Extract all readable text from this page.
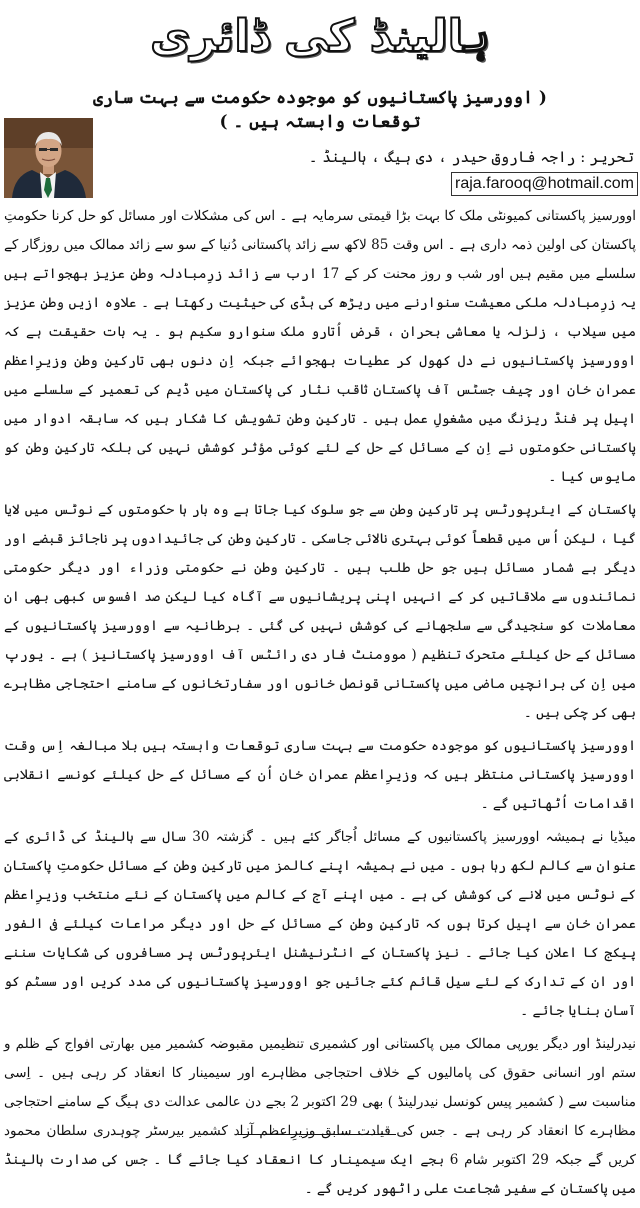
ہالینڈ کی ڈائری
( اوورسیز پاکستانیوں کو موجودہ حکومت سے بہت ساری توقعات وابستہ ہیں ۔ )
تحریر : راجہ فاروق حیدر ، دی ہیگ ، ہالینڈ ۔
raja.farooq@hotmail.com

اوورسیز پاکستانی کمیونٹی ملک کا بہت بڑا قیمتی سرمایہ ہے ۔ اس کی مشکلات اور مسائل کو حل کرنا حکومتِ پاکستان کی اولین ذمہ داری ہے ۔ اس وقت 85 لاکھ سے زائد پاکستانی دُنیا کے سو سے زائد ممالک میں روزگار کے سلسلے میں مقیم ہیں اور شب و روز محنت کر کے 17 ارب سے زائد زرِمبادلہ وطنِ عزیز بھجواتے ہیں یہ زرِمبادلہ ملکی معیشت سنوارنے میں ریڑھ کی ہڈی کی حیثیت رکھتا ہے ۔ علاوہ ازیں وطنِ عزیز میں سیلاب ، زلزلہ یا معاشی بحران ، قرض اُتارو ملک سنوارو سکیم ہو ۔ یہ بات حقیقت ہے کہ اوورسیز پاکستانیوں نے دل کھول کر عطیات بھجوائے جبکہ اِن دنوں بھی تارکینِ وطن وزیرِاعظم عمران خان اور چیف جسٹس آف پاکستان ثاقب نثار کی پاکستان میں ڈیم کی تعمیر کے سلسلے میں اپیل پر فنڈ ریزنگ میں مشغولِ عمل ہیں ۔ تارکینِ وطن تشویش کا شکار ہیں کہ سابقہ ادوار میں پاکستانی حکومتوں نے اِن کے مسائل کے حل کے لئے کوئی مؤثر کوشش نہیں کی بلکہ تارکینِ وطن کو مایوس کیا ۔

پاکستان کے ایئرپورٹس پر تارکینِ وطن سے جو سلوک کیا جاتا ہے وہ بار ہا حکومتوں کے نوٹس میں لایا گیا ، لیکن اُس میں قطعاً کوئی بہتری نالائی جاسکی ۔ تارکینِ وطن کی جائیدادوں پر ناجائز قبضے اور دیگر بے شمار مسائل ہیں جو حل طلب ہیں ۔ تارکینِ وطن نے حکومتی وزراء اور دیگر حکومتی نمائندوں سے ملاقاتیں کر کے انہیں اپنی پریشانیوں سے آگاہ کیا لیکن صد افسوس کبھی بھی ان معاملات کو سنجیدگی سے سلجھانے کی کوشش نہیں کی گئی ۔ برطانیہ سے اوورسیز پاکستانیوں کے مسائل کے حل کیلئے متحرک تنظیم ( موومنٹ فار دی رائٹس آف اوورسیز پاکستانیز ) ہے ۔ یورپ میں اِن کی برانچیں ماضی میں پاکستانی قونصل خانوں اور سفارتخانوں کے سامنے احتجاجی مظاہرے بھی کر چکی ہیں ۔

اوورسیز پاکستانیوں کو موجودہ حکومت سے بہت ساری توقعات وابستہ ہیں بلا مبالغہ اِس وقت اوورسیز پاکستانی منتظر ہیں کہ وزیرِاعظم عمران خان اُن کے مسائل کے حل کیلئے کونسے انقلابی اقدامات اُٹھاتیں گے ۔

میڈیا نے ہمیشہ اوورسیز پاکستانیوں کے مسائل اُجاگر کئے ہیں ۔ گزشتہ 30 سال سے ہالینڈ کی ڈائری کے عنوان سے کالم لکھ رہا ہوں ۔ میں نے ہمیشہ اپنے کالمز میں تارکینِ وطن کے مسائل حکومتِ پاکستان کے نوٹس میں لانے کی کوشش کی ہے ۔ میں اپنے آج کے کالم میں پاکستان کے نئے منتخب وزیرِاعظم عمران خان سے اپیل کرتا ہوں کہ تارکینِ وطن کے مسائل کے حل اور دیگر مراعات کیلئے فی الفور پیکج کا اعلان کیا جائے ۔ نیز پاکستان کے انٹرنیشنل ایئرپورٹس پر مسافروں کی شکایات سننے اور ان کے تدارک کے لئے سیل قائم کئے جائیں جو اوورسیز پاکستانیوں کی مدد کریں اور سسٹم کو آسان بنایا جائے ۔

نیدرلینڈ اور دیگر یورپی ممالک میں پاکستانی اور کشمیری تنظیمیں مقبوضہ کشمیر میں بھارتی افواج کے ظلم و ستم اور انسانی حقوق کی پامالیوں کے خلاف احتجاجی مظاہرے اور سیمینار کا انعقاد کر رہی ہیں ۔ اِسی مناسبت سے ( کشمیر پیس کونسل نیدرلینڈ ) بھی 29 اکتوبر 2 بجے دن عالمی عدالت دی ہیگ کے سامنے احتجاجی مظاہرے کا انعقاد کر رہی ہے ۔ جس کی قیادت سابق وزیرِاعظم آزاد کشمیر بیرسٹر چوہدری سلطان محمود کریں گے جبکہ 29 اکتوبر شام 6 بجے ایک سیمینار کا انعقاد کیا جائے گا ۔ جس کی صدارت ہالینڈ میں پاکستان کے سفیر شجاعت علی راٹھور کریں گے ۔
